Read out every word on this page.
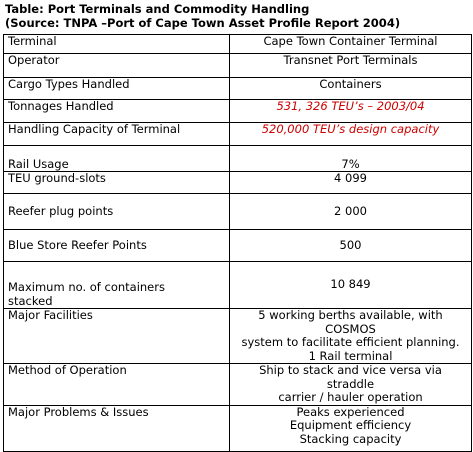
Table: Port Terminals and Commodity Handling
(Source: TNPA –Port of Cape Town Asset Profile Report 2004)
Terminal	Cape Town Container Terminal
Operator	Transnet Port Terminals
Cargo Types Handled	Containers
Tonnages Handled	531, 326 TEU’s – 2003/04
Handling Capacity of Terminal	520,000 TEU’s design capacity
Rail Usage	7%
TEU ground-slots	4 099
Reefer plug points	2 000
Blue Store Reefer Points	500
Maximum no. of containers
stacked	10 849
Major Facilities	5 working berths available, with COSMOS
system to facilitate efficient planning.
1 Rail terminal
Method of Operation	Ship to stack and vice versa via straddle
carrier / hauler operation
Major Problems & Issues	Peaks experienced
Equipment efficiency
Stacking capacity
